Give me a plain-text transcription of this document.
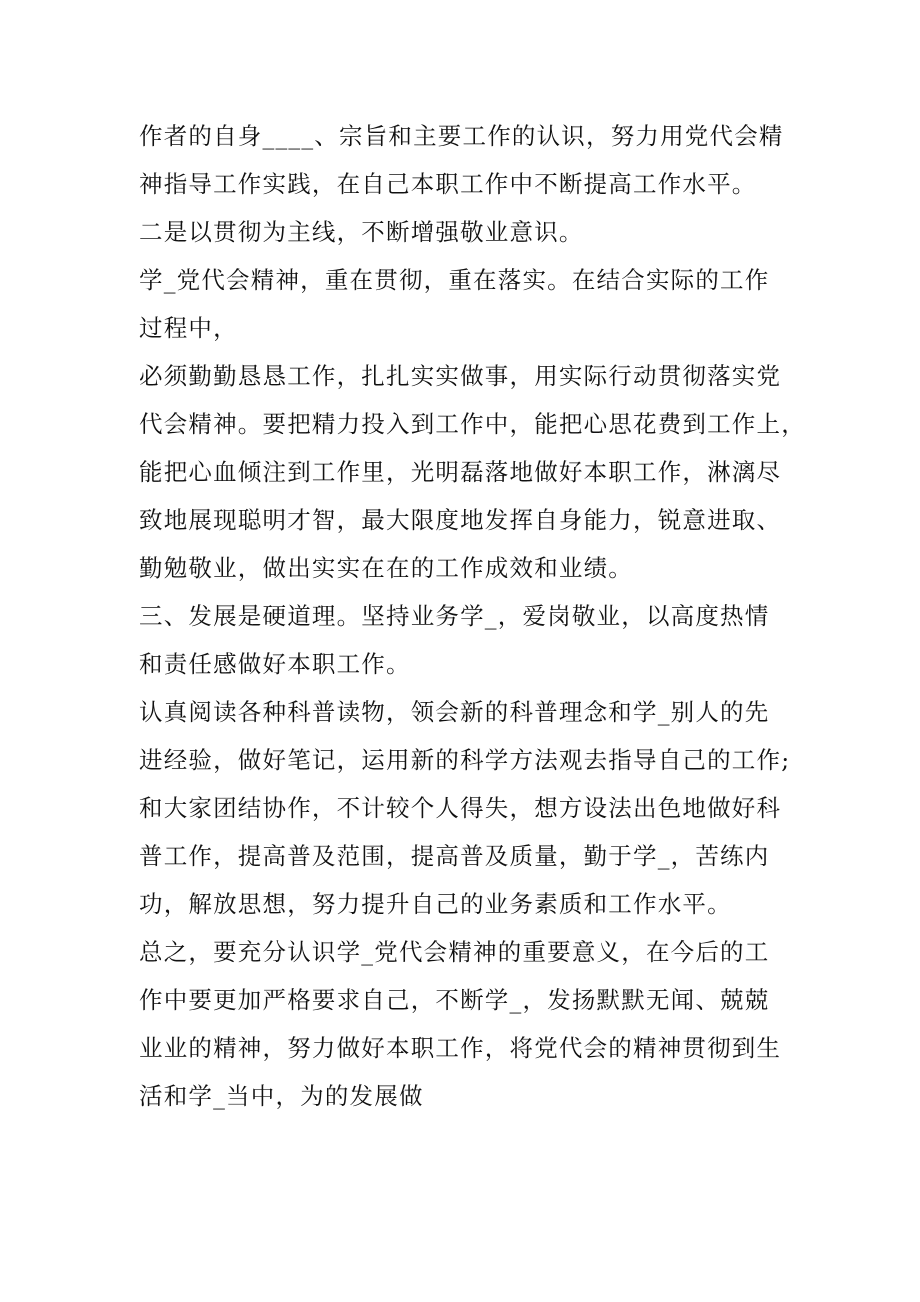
作者的自身____、宗旨和主要工作的认识，努力用党代会精
神指导工作实践，在自己本职工作中不断提高工作水平。
二是以贯彻为主线，不断增强敬业意识。
学_党代会精神，重在贯彻，重在落实。在结合实际的工作
过程中，
必须勤勤恳恳工作，扎扎实实做事，用实际行动贯彻落实党
代会精神。要把精力投入到工作中，能把心思花费到工作上，
能把心血倾注到工作里，光明磊落地做好本职工作，淋漓尽
致地展现聪明才智，最大限度地发挥自身能力，锐意进取、
勤勉敬业，做出实实在在的工作成效和业绩。
三、发展是硬道理。坚持业务学_，爱岗敬业，以高度热情
和责任感做好本职工作。
认真阅读各种科普读物，领会新的科普理念和学_别人的先
进经验，做好笔记，运用新的科学方法观去指导自己的工作;
和大家团结协作，不计较个人得失，想方设法出色地做好科
普工作，提高普及范围，提高普及质量，勤于学_，苦练内
功，解放思想，努力提升自己的业务素质和工作水平。
总之，要充分认识学_党代会精神的重要意义，在今后的工
作中要更加严格要求自己，不断学_，发扬默默无闻、兢兢
业业的精神，努力做好本职工作，将党代会的精神贯彻到生
活和学_当中，为的发展做
